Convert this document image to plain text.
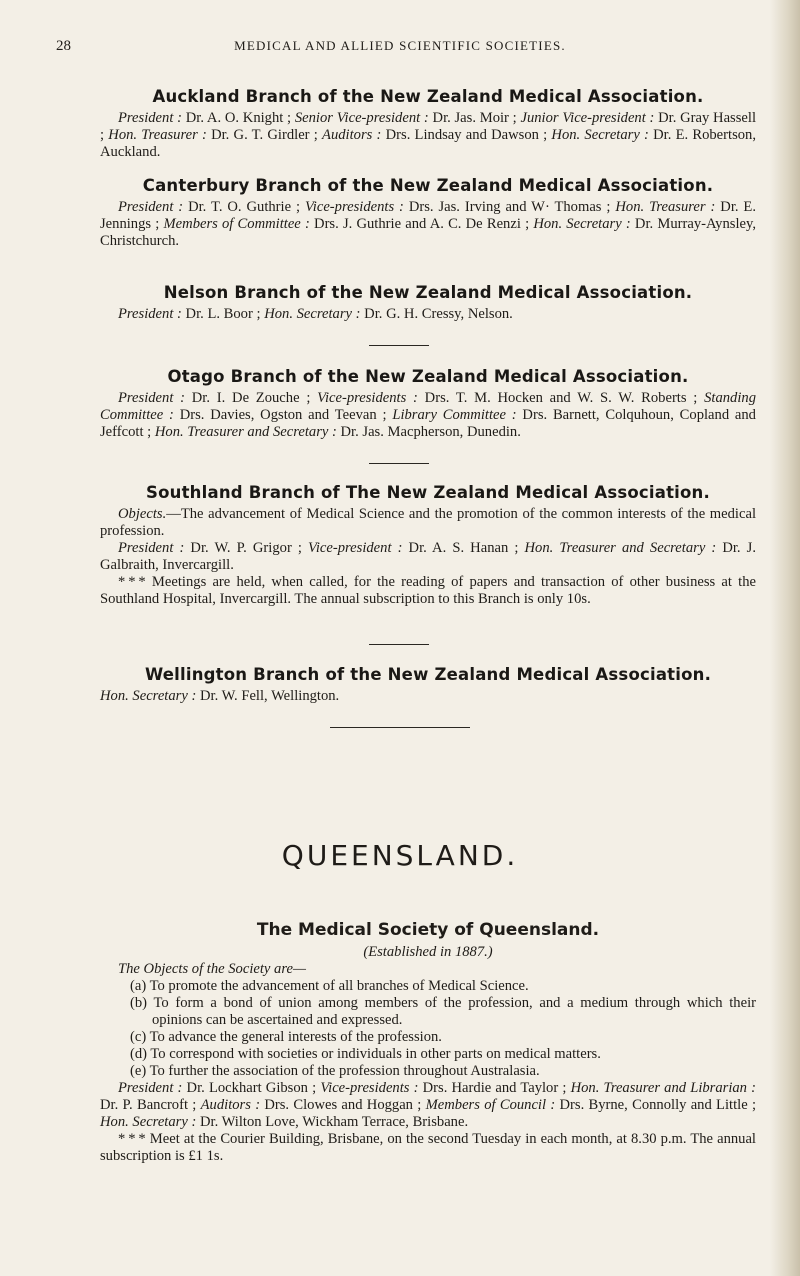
28	MEDICAL AND ALLIED SCIENTIFIC SOCIETIES.
Auckland Branch of the New Zealand Medical Association.

President : Dr. A. O. Knight ; Senior Vice-president : Dr. Jas. Moir ; Junior Vice-president : Dr. Gray Hassell ; Hon. Treasurer : Dr. G. T. Girdler ; Auditors : Drs. Lindsay and Dawson ; Hon. Secretary : Dr. E. Robertson, Auckland.

Canterbury Branch of the New Zealand Medical Association.

President : Dr. T. O. Guthrie ; Vice-presidents : Drs. Jas. Irving and W· Thomas ; Hon. Treasurer : Dr. E. Jennings ; Members of Committee : Drs. J. Guthrie and A. C. De Renzi ; Hon. Secretary : Dr. Murray-Aynsley, Christchurch.

Nelson Branch of the New Zealand Medical Association.

President : Dr. L. Boor ; Hon. Secretary : Dr. G. H. Cressy, Nelson.

Otago Branch of the New Zealand Medical Association.

President : Dr. I. De Zouche ; Vice-presidents : Drs. T. M. Hocken and W. S. W. Roberts ; Standing Committee : Drs. Davies, Ogston and Teevan ; Library Committee : Drs. Barnett, Colquhoun, Copland and Jeffcott ; Hon. Treasurer and Secretary : Dr. Jas. Macpherson, Dunedin.

Southland Branch of The New Zealand Medical Association.

Objects.—The advancement of Medical Science and the promotion of the common interests of the medical profession.

President : Dr. W. P. Grigor ; Vice-president : Dr. A. S. Hanan ; Hon. Treasurer and Secretary : Dr. J. Galbraith, Invercargill.

* * * Meetings are held, when called, for the reading of papers and transaction of other business at the Southland Hospital, Invercargill. The annual subscription to this Branch is only 10s.

Wellington Branch of the New Zealand Medical Association.

Hon. Secretary : Dr. W. Fell, Wellington.

QUEENSLAND.
The Medical Society of Queensland.

(Established in 1887.)

The Objects of the Society are—

(a) To promote the advancement of all branches of Medical Science.

(b) To form a bond of union among members of the profession, and a medium through which their opinions can be ascertained and expressed.

(c) To advance the general interests of the profession.

(d) To correspond with societies or individuals in other parts on medical matters.

(e) To further the association of the profession throughout Australasia.

President : Dr. Lockhart Gibson ; Vice-presidents : Drs. Hardie and Taylor ; Hon. Treasurer and Librarian : Dr. P. Bancroft ; Auditors : Drs. Clowes and Hoggan ; Members of Council : Drs. Byrne, Connolly and Little ; Hon. Secretary : Dr. Wilton Love, Wickham Terrace, Brisbane.

* * * Meet at the Courier Building, Brisbane, on the second Tuesday in each month, at 8.30 p.m. The annual subscription is £1 1s.
